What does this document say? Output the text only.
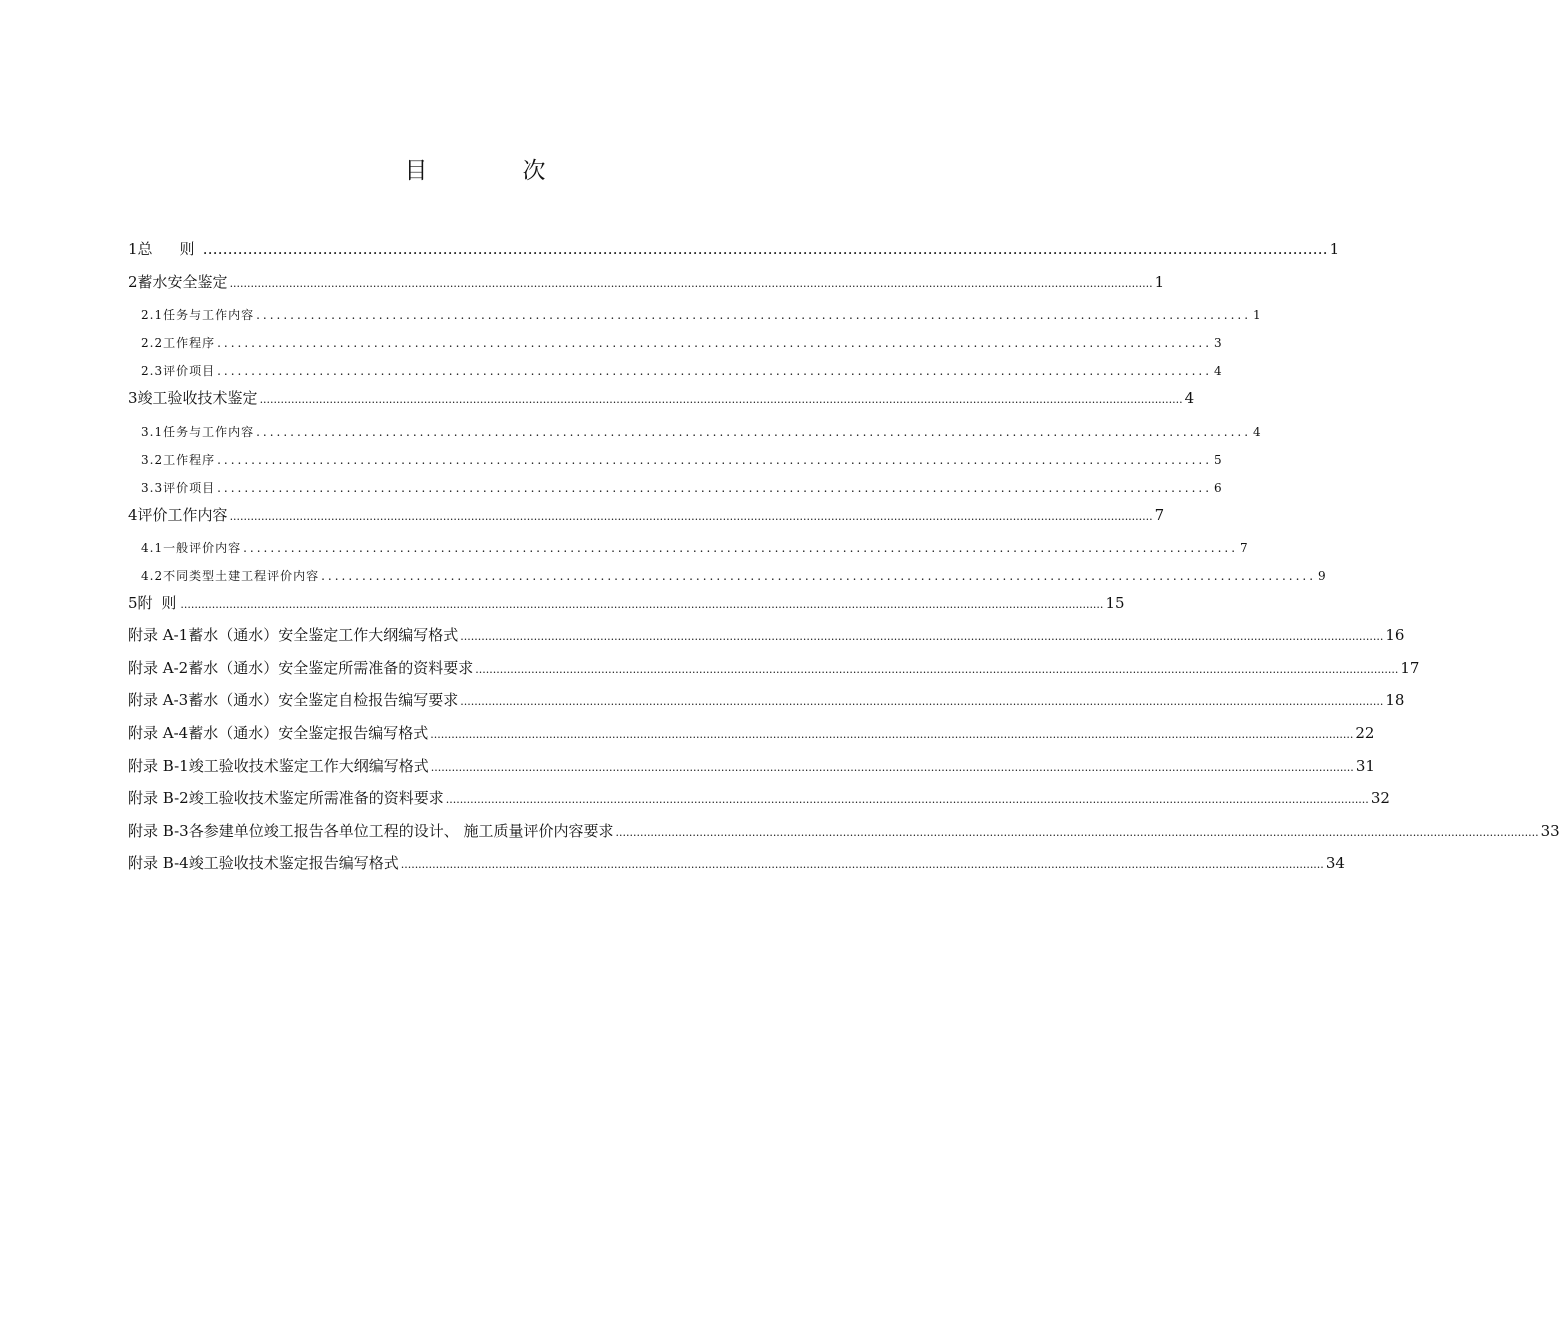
目　次
1 总　则 ……………………………………………………………………………………………………………………………………………………………………………………………………… 1
2 蓄水安全鉴定 ........................................................................................................................................................................................................................................................................ 1
2.1 任务与工作内容 .................................................................................................................................................. 1
2.2 工作程序 .................................................................................................................................................. 3
2.3 评价项目 .................................................................................................................................................. 4
3 竣工验收技术鉴定 ........................................................................................................................................................................................................................................................................ 4
3.1 任务与工作内容 .................................................................................................................................................. 4
3.2 工作程序 .................................................................................................................................................. 5
3.3 评价项目 .................................................................................................................................................. 6
4 评价工作内容 ........................................................................................................................................................................................................................................................................ 7
4.1 一般评价内容 .................................................................................................................................................. 7
4.2 不同类型土建工程评价内容 .................................................................................................................................................. 9
5 附 则 ........................................................................................................................................................................................................................................................................ 15
附录 A-1 蓄水（通水）安全鉴定工作大纲编写格式 ........................................................................................................................................................................................................................................................................ 16
附录 A-2 蓄水（通水）安全鉴定所需准备的资料要求 ........................................................................................................................................................................................................................................................................ 17
附录 A-3 蓄水（通水）安全鉴定自检报告编写要求 ........................................................................................................................................................................................................................................................................ 18
附录 A-4 蓄水（通水）安全鉴定报告编写格式 ........................................................................................................................................................................................................................................................................ 22
附录 B-1 竣工验收技术鉴定工作大纲编写格式 ........................................................................................................................................................................................................................................................................ 31
附录 B-2 竣工验收技术鉴定所需准备的资料要求 ........................................................................................................................................................................................................................................................................ 32
附录 B-3 各参建单位竣工报告各单位工程的设计、 施工质量评价内容要求 ........................................................................................................................................................................................................................................................................ 33
附录 B-4 竣工验收技术鉴定报告编写格式 ........................................................................................................................................................................................................................................................................ 34
